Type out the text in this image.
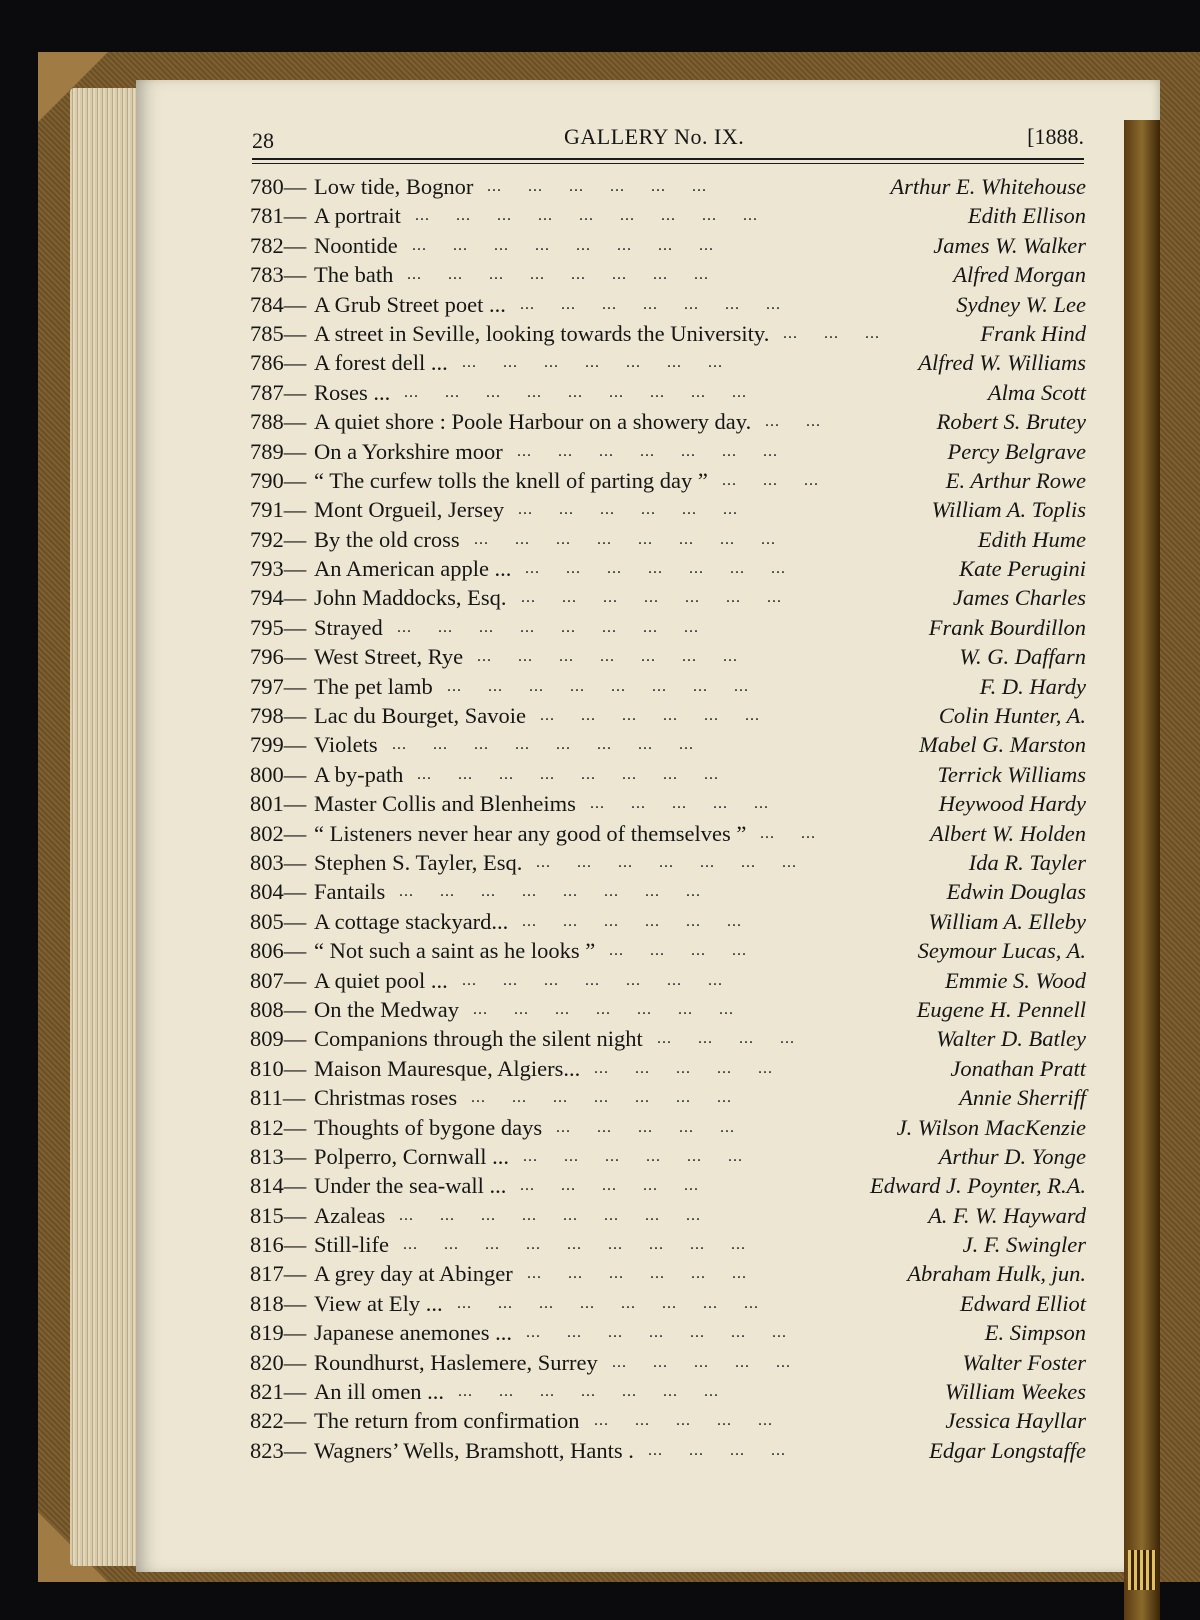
28	GALLERY No. IX.	[1888.
780— Low tide, Bognor ...  ...  ...  ...  ...  ...  	Arthur E. Whitehouse
781— A portrait ...  ...  ...  ...  ...  ...  ...  ...  ...  	Edith Ellison
782— Noontide ...  ...  ...  ...  ...  ...  ...  ...  	James W. Walker
783— The bath ...  ...  ...  ...  ...  ...  ...  ...  	Alfred Morgan
784— A Grub Street poet ... ...  ...  ...  ...  ...  ...  ...  	Sydney W. Lee
785— A street in Seville, looking towards the University. ...  ...  ...  	Frank Hind
786— A forest dell ... ...  ...  ...  ...  ...  ...  ...  	Alfred W. Williams
787— Roses ... ...  ...  ...  ...  ...  ...  ...  ...  ...  	Alma Scott
788— A quiet shore : Poole Harbour on a showery day. ...  ...  	Robert S. Brutey
789— On a Yorkshire moor ...  ...  ...  ...  ...  ...  ...  	Percy Belgrave
790— “ The curfew tolls the knell of parting day ” ...  ...  ...  	E. Arthur Rowe
791— Mont Orgueil, Jersey ...  ...  ...  ...  ...  ...  	William A. Toplis
792— By the old cross ...  ...  ...  ...  ...  ...  ...  ...  	Edith Hume
793— An American apple ... ...  ...  ...  ...  ...  ...  ...  	Kate Perugini
794— John Maddocks, Esq. ...  ...  ...  ...  ...  ...  ...  	James Charles
795— Strayed ...  ...  ...  ...  ...  ...  ...  ...  	Frank Bourdillon
796— West Street, Rye ...  ...  ...  ...  ...  ...  ...  	W. G. Daffarn
797— The pet lamb ...  ...  ...  ...  ...  ...  ...  ...  	F. D. Hardy
798— Lac du Bourget, Savoie ...  ...  ...  ...  ...  ...  	Colin Hunter, A.
799— Violets ...  ...  ...  ...  ...  ...  ...  ...  	Mabel G. Marston
800— A by-path ...  ...  ...  ...  ...  ...  ...  ...  	Terrick Williams
801— Master Collis and Blenheims ...  ...  ...  ...  ...  	Heywood Hardy
802— “ Listeners never hear any good of themselves ” ...  ...  	Albert W. Holden
803— Stephen S. Tayler, Esq. ...  ...  ...  ...  ...  ...  ...  	Ida R. Tayler
804— Fantails ...  ...  ...  ...  ...  ...  ...  ...  	Edwin Douglas
805— A cottage stackyard... ...  ...  ...  ...  ...  ...  	William A. Elleby
806— “ Not such a saint as he looks ” ...  ...  ...  ...  	Seymour Lucas, A.
807— A quiet pool ... ...  ...  ...  ...  ...  ...  ...  	Emmie S. Wood
808— On the Medway ...  ...  ...  ...  ...  ...  ...  	Eugene H. Pennell
809— Companions through the silent night ...  ...  ...  ...  	Walter D. Batley
810— Maison Mauresque, Algiers... ...  ...  ...  ...  ...  	Jonathan Pratt
811— Christmas roses ...  ...  ...  ...  ...  ...  ...  	Annie Sherriff
812— Thoughts of bygone days ...  ...  ...  ...  ...  	J. Wilson MacKenzie
813— Polperro, Cornwall ... ...  ...  ...  ...  ...  ...  	Arthur D. Yonge
814— Under the sea-wall ... ...  ...  ...  ...  ...  	Edward J. Poynter, R.A.
815— Azaleas ...  ...  ...  ...  ...  ...  ...  ...  	A. F. W. Hayward
816— Still-life ...  ...  ...  ...  ...  ...  ...  ...  ...  	J. F. Swingler
817— A grey day at Abinger ...  ...  ...  ...  ...  ...  	Abraham Hulk, jun.
818— View at Ely ... ...  ...  ...  ...  ...  ...  ...  ...  	Edward Elliot
819— Japanese anemones ... ...  ...  ...  ...  ...  ...  ...  	E. Simpson
820— Roundhurst, Haslemere, Surrey ...  ...  ...  ...  ...  	Walter Foster
821— An ill omen ... ...  ...  ...  ...  ...  ...  ...  	William Weekes
822— The return from confirmation ...  ...  ...  ...  ...  	Jessica Hayllar
823— Wagners’ Wells, Bramshott, Hants . ...  ...  ...  ...  	Edgar Longstaffe
